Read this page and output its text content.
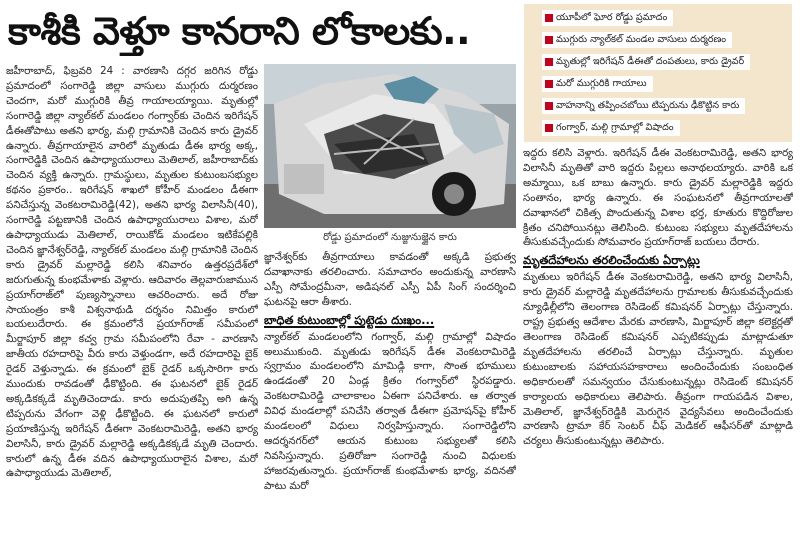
కాశీకి వెళ్తూ కానరాని లోకాలకు..
రోడ్డు ప్రమాదంలో నుజ్జునుజ్జైన కారు
యూపీలో ఘోర రోడ్డు ప్రమాదం
ముగ్గురు న్యాల్‌కల్ మండల వాసులు దుర్మరణం
మృతుల్లో ఇరిగేషన్ డీఈతో దంపతులు, కారు డ్రైవర్
మరో ముగ్గురికి గాయాలు
వాహనాన్ని తప్పించబోయి టిప్పరును ఢీకొట్టిన కారు
గంగ్వార్, మల్గి గ్రామాల్లో విషాదం

జహీరాబాద్, ఫిబ్రవరి 24 : వారణాసి దగ్గర జరిగిన రోడ్డు ప్రమాదంలో సంగారెడ్డి జిల్లా వాసులు ముగ్గురు దుర్మరణం చెందగా, మరో ముగ్గురికి తీవ్ర గాయాలయ్యాయి. మృతుల్లో సంగారెడ్డి జిల్లా న్యాల్‌కల్ మండలం గంగ్వార్‌కు చెందిన ఇరిగేషన్ డీఈతోపాటు అతని భార్య, మల్గి గ్రామానికి చెందిన కారు డ్రైవర్ ఉన్నారు. తీవ్రగాయాలైన వారిలో మృతుడు డీఈ భార్య అక్క, సంగారెడ్డికి చెందిన ఉపాధ్యాయురాలు మెతిలాల్, జహీరాబాద్‌కు చెందిన వ్యక్తి ఉన్నారు. గ్రామస్థులు, మృతుల కుటుంబసభ్యుల కథనం ప్రకారం.. ఇరిగేషన్ శాఖలో కోహీర్ మండలం డీఈగా పనిచేస్తున్న వెంకటరామిరెడ్డి(42), అతని భార్య విలాసినీ(40), సంగారెడ్డి పట్టణానికి చెందిన ఉపాధ్యాయురాలు విశాల, మరో ఉపాధ్యాయుడు మెతిలాల్, రాయికోడ్ మండలం ఇటికేపల్లికి చెందిన జ్ఞానేశ్వర్‌రెడ్డి, న్యాల్‌కల్ మండలం మల్గి గ్రామానికి చెందిన కారు డ్రైవర్ మల్లారెడ్డి కలిసి శనివారం ఉత్తరప్రదేశ్‌లో జరుగుతున్న కుంభమేళాకు వెళ్లారు. ఆదివారం తెల్లవారుజామున ప్రయాగ్‌రాజ్‌లో పుణ్యస్నానాలు ఆచరించారు. అదే రోజు సాయంత్రం కాశీ విశ్వనాథుడి దర్శనం నిమిత్తం కారులో బయలుదేరారు. ఈ క్రమంలోనే ప్రయాగ్‌రాజ్ సమీపంలో మీర్జాపూర్ జిల్లా కచ్వ గ్రామ సమీపంలోని రేవా - వారణాసి జాతీయ రహదారిపై వీరు కారు వెళ్తుండగా, అదే రహదారిపై బైక్ రైడర్ వెళ్తున్నాడు. ఈ క్రమంలో బైక్ రైడర్ ఒక్కసారిగా కారు ముందుకు రావడంతో ఢీకొట్టింది. ఈ ఘటనలో బైక్ రైడర్ అక్కడికక్కడే మృతిచెందాడు. కారు అదుపుతప్పి అగి ఉన్న టిప్పరును వేగంగా వెళ్లి ఢీకొట్టింది. ఈ ఘటనలో కారులో ప్రయాణిస్తున్న ఇరిగేషన్ డీఈగా వెంకటరామిరెడ్డి, అతని భార్య విలాసినీ, కారు డ్రైవర్ మల్లారెడ్డి అక్కడికక్కడే మృతి చెందారు. కారులో ఉన్న డీఈ వదిన ఉపాధ్యాయురాలైన విశాల, మరో ఉపాధ్యాయుడు మెతిలాల్,

జ్ఞానేశ్వర్‌కు తీవ్రగాయాలు కావడంతో అక్కడి ప్రభుత్వ దవాఖానాకు తరలించారు. సమాచారం అందుకున్న వారణాసి ఎస్పీ సోమేంద్రమీనా, అడిషనల్ ఎస్పీ ఏపీ సింగ్ సందర్శించి ఘటనపై ఆరా తీశారు.

బాధిత కుటుంబాల్లో పుట్టెడు దుఃఖం...

న్యాల్‌కల్ మండలంలోని గంగ్వార్, మల్గి గ్రామాల్లో విషాదం అలుముకుంది. మృతుడు ఇరిగేషన్ డీఈ వెంకటరామిరెడ్డి స్వగ్రామం మండలంలోని మామిడ్గి కాగా, సొంత భూములు ఉండడంతో 20 ఏండ్ల క్రితం గంగ్వార్‌లో స్థిరపడ్డారు. వెంకటరామిరెడ్డి చాలాకాలం ఏఈగా పనిచేశారు. ఆ తర్వాత వివిధ మండలాల్లో పనిచేసి తర్వాత డీఈగా ప్రమోషన్‌పై కోహీర్ మండలంలో విధులు నిర్వహిస్తున్నారు. సంగారెడ్డిలోని ఆదర్శనగర్‌లో ఆయన కుటుంబ సభ్యులతో కలిసి నివసిస్తున్నారు. ప్రతిరోజూ సంగారెడ్డి నుంచి విధులకు హాజరవుతున్నారు. ప్రయాగ్‌రాజ్ కుంభమేళాకు భార్య, వదినతో పాటు మరో

ఇద్దరు కలిసి వెళ్లారు. ఇరిగేషన్ డీఈ వెంకటరామిరెడ్డి, అతని భార్య విలాసినీ మృతితో వారి ఇద్దరు పిల్లలు అనాథలయ్యారు. వారికి ఒక అమ్మాయి, ఒక బాబు ఉన్నారు. కారు డ్రైవర్ మల్లారెడ్డికి ఇద్దరు సంతానం, భార్య ఉన్నారు. ఈ సంఘటనలో తీవ్రగాయాలతో దవాఖానలో చికిత్స పొందుతున్న విశాల భర్త, కూతురు కొద్దిరోజుల క్రితం చనిపోయినట్లు తెలిసింది. కుటుంబ సభ్యులు మృతదేహాలను తీసుకువచ్చేందుకు సోమవారం ప్రయాగ్‌రాజ్ బయలు దేరారు.

మృతదేహాలను తరలించేందుకు ఏర్పాట్లు

మృతులు ఇరిగేషన్ డీఈ వెంకటరామిరెడ్డి, అతని భార్య విలాసినీ, కారు డ్రైవర్ మల్లారెడ్డి మృతదేహాలను గ్రామాలకు తీసుకువచ్చేందుకు న్యూఢిల్లీలోని తెలంగాణ రెసిడెంట్ కమిషనర్ ఏర్పాట్లు చేస్తున్నారు. రాష్ట్ర ప్రభుత్వ ఆదేశాల మేరకు వారణాసి, మిర్జాపూర్ జిల్లా కలెక్టర్లతో తెలంగాణ రెసిడెంట్ కమిషనర్ ఎప్పటికప్పుడు మాట్లాడుతూ మృతదేహాలను తరలించే ఏర్పాట్లు చేస్తున్నారు. మృతుల కుటుంబాలకు సహాయసహకారాలు అందించేందుకు సంబంధిత అధికారులతో సమన్వయం చేసుకుంటున్నట్లు రెసిడెంట్ కమిషనర్ కార్యాలయ అధికారులు తెలిపారు. తీవ్రంగా గాయపడిన విశాల, మెతిలాల్, జ్ఞానేశ్వర్‌రెడ్డికి మెరుగైన వైద్యసేవలు అందించేందుకు వారణాసి ట్రామా కేర్ సెంటర్ చీఫ్ మెడికల్ ఆఫీసర్‌తో మాట్లాడి చర్యలు తీసుకుంటున్నట్లు తెలిపారు.
